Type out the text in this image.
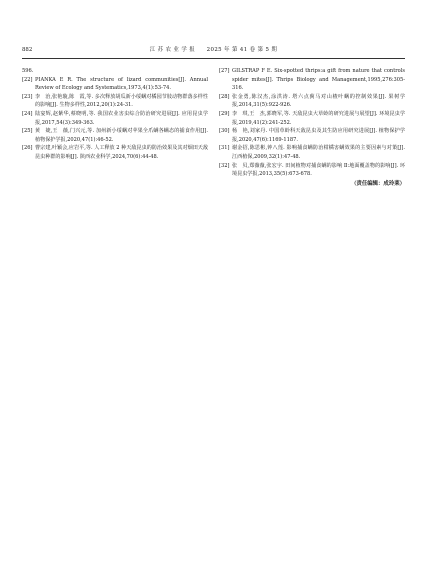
882	江 苏 农 业 学 报　　2025 年 第 41 卷 第 5 期
596.
[22] PIANKA E R. The structure of lizard communities[J]. Annual Review of Ecology and Systematics,1973,4(1):53-74.
[23] 李　治,张艳璇,陈　霞,等. 多次释放胡瓜新小绥螨对橘园节肢动物群落多样性的影响[J]. 生物多样性,2012,20(1):24-31.
[24] 陆宴辉,赵紫华,蔡晓明,等. 我国农业害虫综合防治研究进展[J]. 应用昆虫学报,2017,54(3):349-363.
[25] 黄　婕,王　薇,门兴元,等. 加州新小绥螨对苹果全爪螨各螨态的捕食作用[J]. 植物保护学报,2020,47(1):46-52.
[26] 曹宗建,叶颖会,应岩平,等. 人工释放 2 种天敌昆虫的防治效果及其对烟田天敌昆虫种群的影响[J]. 陕西农业科学,2024,70(6):44-48.
[27] GILSTRAP F E. Six-spotted thrips:a gift from nature that controls spider mites[J]. Thrips Biology and Management,1995,276:305-316.
[28] 张金勇,陈汉杰,涂洪涛. 塔六点蓟马对山楂叶螨的控制效果[J]. 果树学报,2014,31(5):922-926.
[29] 李　琪,王　杰,郭晓军,等. 天敌昆虫大草蛉的研究进展与展望[J]. 环境昆虫学报,2019,41(2):241-252.
[30] 杨　艳,刘家丹. 中国草蛉科天敌昆虫及其生防应用研究进展[J]. 植物保护学报,2020,47(6):1169-1187.
[31] 谢金招,陈思彬,钟八莲. 影响捕食螨防治柑橘害螨效果的主要因素与对策[J]. 江西植保,2009,32(1):47-48.
[32] 张　贝,郑薇薇,张宏宇. 田间植物对捕食螨的影响 Ⅱ:地面覆盖物的影响[J]. 环境昆虫学报,2013,35(5):673-678.
（责任编辑：成玲莱）
